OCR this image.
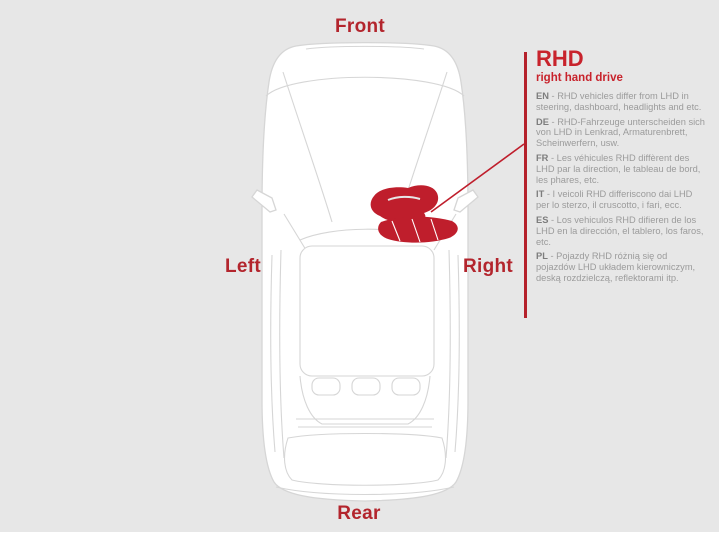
Front
Left	Right
Rear
RHD
right hand drive

EN - RHD vehicles differ from LHD in steering, dashboard, headlights and etc.

DE - RHD-Fahrzeuge unterscheiden sich von LHD in Lenkrad, Armaturenbrett, Scheinwerfern, usw.

FR - Les véhicules RHD diffèrent des LHD par la direction, le tableau de bord, les phares, etc.

IT - I veicoli RHD differiscono dai LHD per lo sterzo, il cruscotto, i fari, ecc.

ES - Los vehiculos RHD difieren de los LHD en la dirección, el tablero, los faros, etc.

PL - Pojazdy RHD różnią się od pojazdów LHD układem kierowniczym, deską rozdzielczą, reflektorami itp.
